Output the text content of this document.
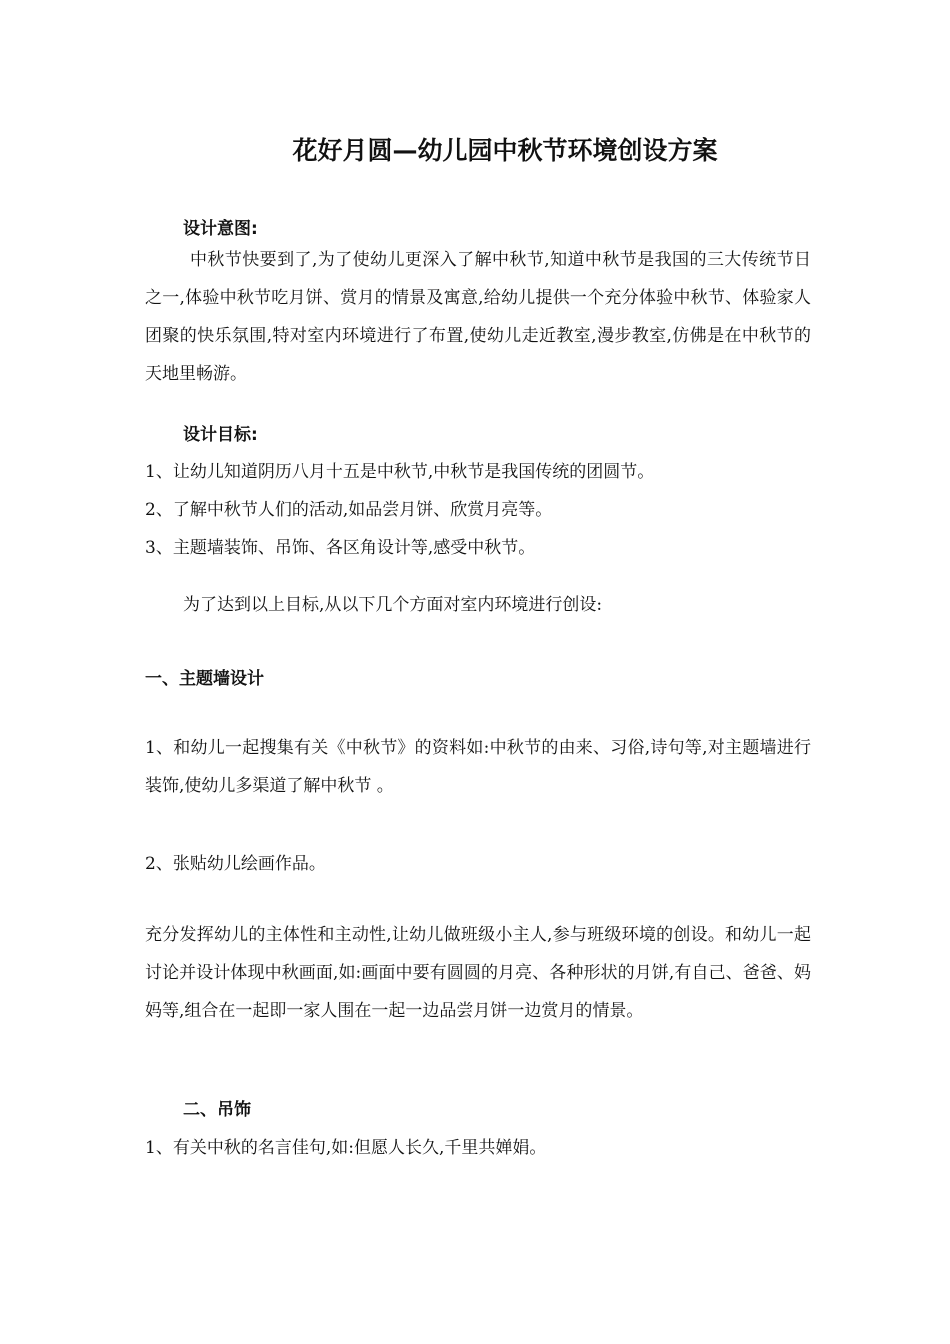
花好月圆—幼儿园中秋节环境创设方案
设计意图:
中秋节快要到了,为了使幼儿更深入了解中秋节,知道中秋节是我国的三大传统节日之一,体验中秋节吃月饼、赏月的情景及寓意,给幼儿提供一个充分体验中秋节、体验家人团聚的快乐氛围,特对室内环境进行了布置,使幼儿走近教室,漫步教室,仿佛是在中秋节的天地里畅游。
设计目标:
1、让幼儿知道阴历八月十五是中秋节,中秋节是我国传统的团圆节。
2、了解中秋节人们的活动,如品尝月饼、欣赏月亮等。
3、主题墙装饰、吊饰、各区角设计等,感受中秋节。
为了达到以上目标,从以下几个方面对室内环境进行创设:
一、主题墙设计
1、和幼儿一起搜集有关《中秋节》的资料如:中秋节的由来、习俗,诗句等,对主题墙进行装饰,使幼儿多渠道了解中秋节 。
2、张贴幼儿绘画作品。
充分发挥幼儿的主体性和主动性,让幼儿做班级小主人,参与班级环境的创设。和幼儿一起讨论并设计体现中秋画面,如:画面中要有圆圆的月亮、各种形状的月饼,有自己、爸爸、妈妈等,组合在一起即一家人围在一起一边品尝月饼一边赏月的情景。
二、吊饰
1、有关中秋的名言佳句,如:但愿人长久,千里共婵娟。
